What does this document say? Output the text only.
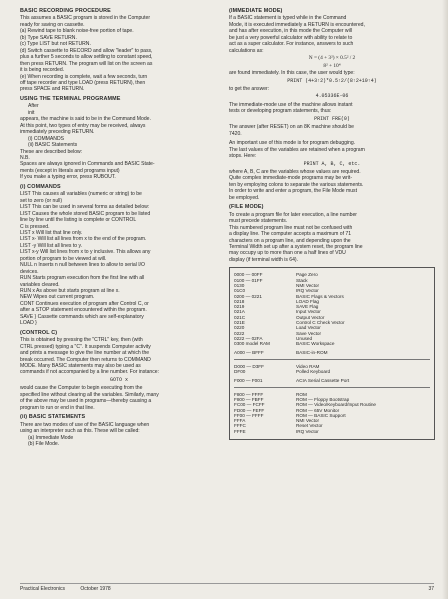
BASIC RECORDING PROCEDURE
This assumes a BASIC program is stored in the Computer
ready for saving on cassette.
(a) Rewind tape to blank noise-free portion of tape.
(b) Type SAVE RETURN.
(c) Type LIST but not RETURN.
(d) Switch cassette to RECORD and allow "leader" to pass,
plus a further 5 seconds to allow settling to constant speed,
then press RETURN. The program will list on the screen as
it is being recorded.
(e) When recording is complete, wait a few seconds, turn
off tape recorder and type LOAD (press RETURN), then
press SPACE and RETURN.
USING THE TERMINAL PROGRAMME
After
init
appears, the machine is said to be in the Command Mode.
At this point, two types of entry may be received, always
immediately preceding RETURN.
(i) COMMANDS
(ii) BASIC Statements
These are described below:
N.B.
Spaces are always ignored in Commands and BASIC State-
ments (except in literals and programs input)
If you make a typing error, press RUBOUT.
(i) COMMANDS
LIST This causes all variables (numeric or string) to be
set to zero (or null)
LIST This can be used in several forms as detailed below:
LIST Causes the whole stored BASIC program to be listed
line by line until the listing is complete or CONTROL
C is pressed.
LIST x Will list that line only.
LIST x- Will list all lines from x to the end of the program.
LIST -y Will list all lines to y.
LIST x-y Will list lines from x to y inclusive. This allows any
portion of program to be viewed at will.
NULL n Inserts n null between lines to allow to serial I/O
devices.
RUN Starts program execution from the first line with all
variables cleared.
RUN x As above but starts program at line x.
NEW Wipes out current program.
CONT Continues execution of program after Control C, or
after a STOP statement encountered within the program.
SAVE } Cassette commands which are self-explanatory
LOAD }
(CONTROL C)
This is obtained by pressing the "CTRL" key, then (with
CTRL pressed) typing a "C". It suspends Computer activity
and prints a message to give the line number at which the
break occurred. The Computer then returns to COMMAND
MODE. Many BASIC statements may also be used as
commands if not accompanied by a line number. For instance:
GOTO x
would cause the Computer to begin executing from the
specified line without clearing all the variables. Similarly, many
of the above may be used in programs—thereby causing a
program to run or end in that line.
(ii) BASIC STATEMENTS
There are two modes of use of the BASIC language when
using an interpreter such as this. These will be called:
(a) Immediate Mode
(b) File Mode.
(IMMEDIATE MODE)
If a BASIC statement is typed while in the Command
Mode, it is executed immediately a RETURN is encountered,
and has after execution, in this mode the Computer will
be just a very powerful calculator with ability to relate to
act as a super calculator. For instance, answers to such
calculations as:
N = (4 + 3²) × 0.5² / 2
8² + 10⁴
are found immediately. In this case, the user would type:
PRINT (4+3↑2)*0.5↑2/(8↑2+10↑4)
to get the answer:
4.05336E-06
The immediate-mode use of the machine allows instant
tests or developing program statements, thus:
PRINT FRE(0)
The answer (after RESET) on an 8K machine should be
7420.
An important use of this mode is for program debugging.
The last values of the variables are retained when a program
stops. Here:
PRINT A, B, C, etc.
where A, B, C are the variables whose values are required.
Quite complex immediate-mode programs may be writ-
ten by employing colons to separate the various statements.
In order to write and enter a program, the File Mode must
be employed.
(FILE MODE)
To create a program file for later execution, a line number
must precede statements.
This numbered program line must not be confused with
a display line. The computer accepts a maximum of 71
characters on a program line, and depending upon the
Terminal Width set up after a system reset, the program line
may occupy up to more than one a half lines of VDU
display (if terminal width is 64).
0000 — 00FF	Page Zero
0100 — 01FF	Stack
0130	NMI Vector
01C0	IRQ Vector
0200 — 0221	BASIC Flags & Vectors
0218	LOAD Flag
0219	SAVE Flag
021A	Input Vector
021C	Output Vector
021E	Control C Check Vector
0220	Load Vector
0222	Save Vector
0222 — 02FA	Unused
0300 model RAM	BASIC Workspace
A000 — BFFF	BASIC-in-ROM
D000 — D3FF	Video RAM
DF00	Polled Keyboard
F000 — F001	ACIA Serial Cassette Port
F800 — FFFF	ROM
F800 — FBFF	ROM — Floppy Bootstrap
FC00 — FCFF	ROM — Video/Keyboard/Input Routine
FD00 — FEFF	ROM — 65V Monitor
FF00 — FFFF	ROM — BASIC Support
FFFA	NMI Vector
FFFC	Reset Vector
FFFE	IRQ Vector
Practical Electronics	October 1978	37
